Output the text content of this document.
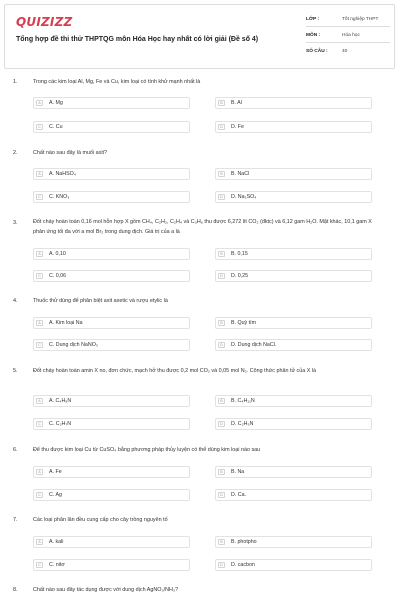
QUIZIZZ
Tổng hợp đề thi thử THPTQG môn Hóa Học hay nhất có lời giải (Đề số 4)
LỚP :	Tốt nghiệp THPT
MÔN :	Hóa học
SỐ CÂU :	40
1.	Trong các kim loại Al, Mg, Fe và Cu, kim loại có tính khử mạnh nhất là
A	A. Mg	B	B. Al
C	C. Cu	D	D. Fe
2.	Chất nào sau đây là muối axit?
A	A. NaHSO₄	B	B. NaCl
C	C. KNO₃	D	D. Na₂SO₄
3.	Đốt cháy hoàn toàn 0,16 mol hỗn hợp X gồm CH₄, C₂H₂, C₂H₄ và C₃H₆ thu được 6,272 lít CO₂ (đktc) và 6,12 gam H₂O. Mặt khác, 10,1 gam X phản ứng tối đa với a mol Br₂ trong dung dịch. Giá trị của a là
A	A. 0,10	B	B. 0,15
C	C. 0,06	D	D. 0,25
4.	Thuốc thử dùng để phân biệt axit axetic và rượu etylic là
A	A. Kim loại Na	B	B. Quỳ tím
C	C. Dung dịch NaNO₃	D	D. Dung dịch NaCl.
5.	Đốt cháy hoàn toàn amin X no, đơn chức, mạch hở thu được 0,2 mol CO₂ và 0,05 mol N₂. Công thức phân tử của X là
A	A. C₄H₉N	B	B. C₄H₁₁N
C	C. C₂H₇N	D	D. C₂H₅N
6.	Để thu được kim loại Cu từ CuSO₄ bằng phương pháp thủy luyện có thể dùng kim loại nào sau
A	A. Fe	B	B. Na
C	C. Ag	D	D. Ca.
7.	Các loại phân lân đều cung cấp cho cây trồng nguyên tố
A	A. kali	B	B. photpho
C	C. nitơ	D	D. cacbon
8.	Chất nào sau đây tác dụng được với dung dịch AgNO₃/NH₃?
